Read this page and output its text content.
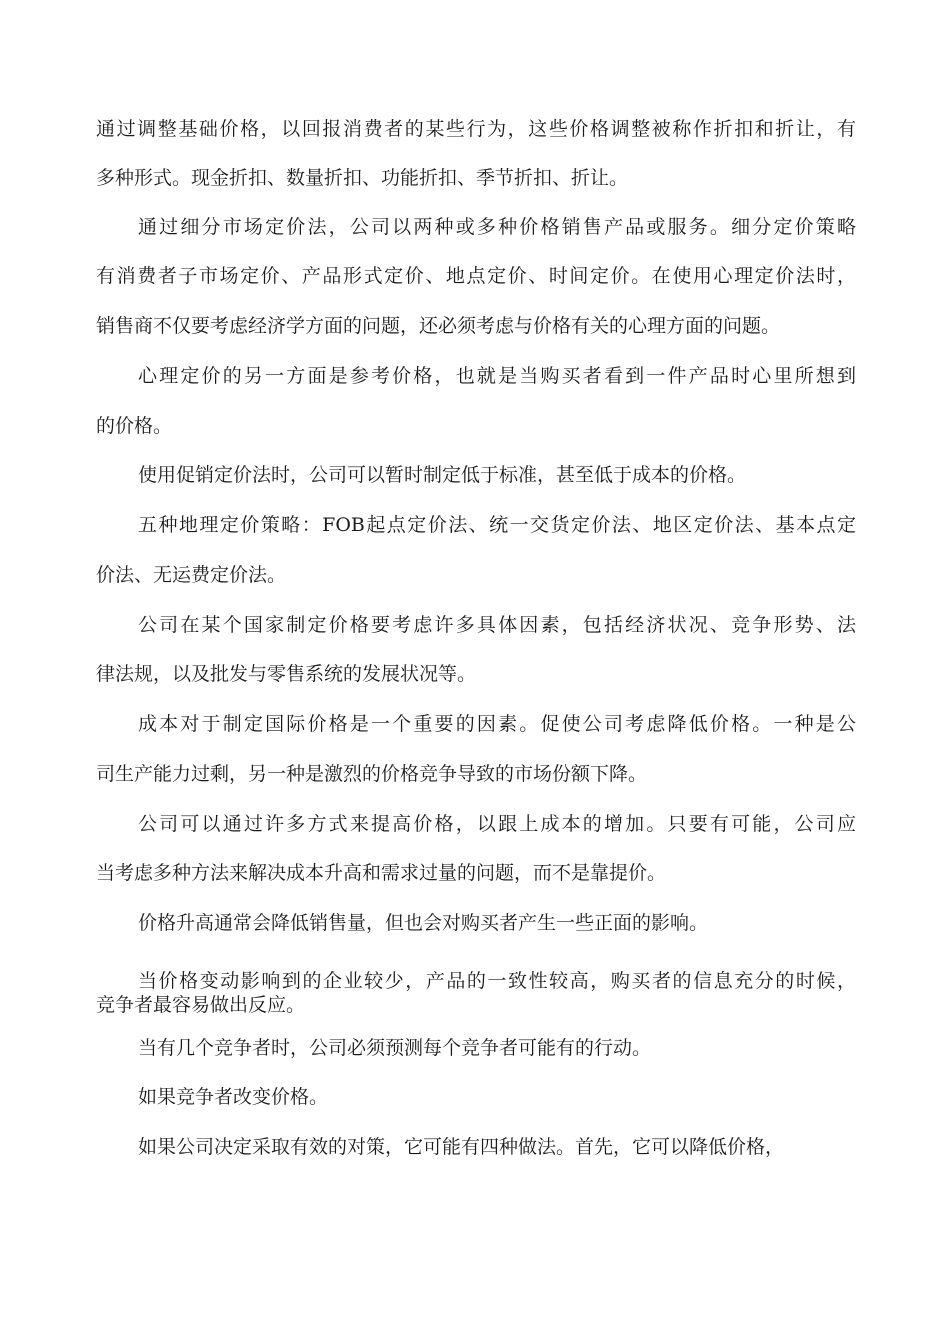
通过调整基础价格，以回报消费者的某些行为，这些价格调整被称作折扣和折让，有
多种形式。现金折扣、数量折扣、功能折扣、季节折扣、折让。
通过细分市场定价法，公司以两种或多种价格销售产品或服务。细分定价策略
有消费者子市场定价、产品形式定价、地点定价、时间定价。在使用心理定价法时，
销售商不仅要考虑经济学方面的问题，还必须考虑与价格有关的心理方面的问题。
心理定价的另一方面是参考价格，也就是当购买者看到一件产品时心里所想到
的价格。
使用促销定价法时，公司可以暂时制定低于标准，甚至低于成本的价格。
五种地理定价策略：FOB起点定价法、统一交货定价法、地区定价法、基本点定
价法、无运费定价法。
公司在某个国家制定价格要考虑许多具体因素，包括经济状况、竞争形势、法
律法规，以及批发与零售系统的发展状况等。
成本对于制定国际价格是一个重要的因素。促使公司考虑降低价格。一种是公
司生产能力过剩，另一种是激烈的价格竞争导致的市场份额下降。
公司可以通过许多方式来提高价格，以跟上成本的增加。只要有可能，公司应
当考虑多种方法来解决成本升高和需求过量的问题，而不是靠提价。
价格升高通常会降低销售量，但也会对购买者产生一些正面的影响。
当价格变动影响到的企业较少，产品的一致性较高，购买者的信息充分的时候，
竞争者最容易做出反应。
当有几个竞争者时，公司必须预测每个竞争者可能有的行动。
如果竞争者改变价格。
如果公司决定采取有效的对策，它可能有四种做法。首先，它可以降低价格，
